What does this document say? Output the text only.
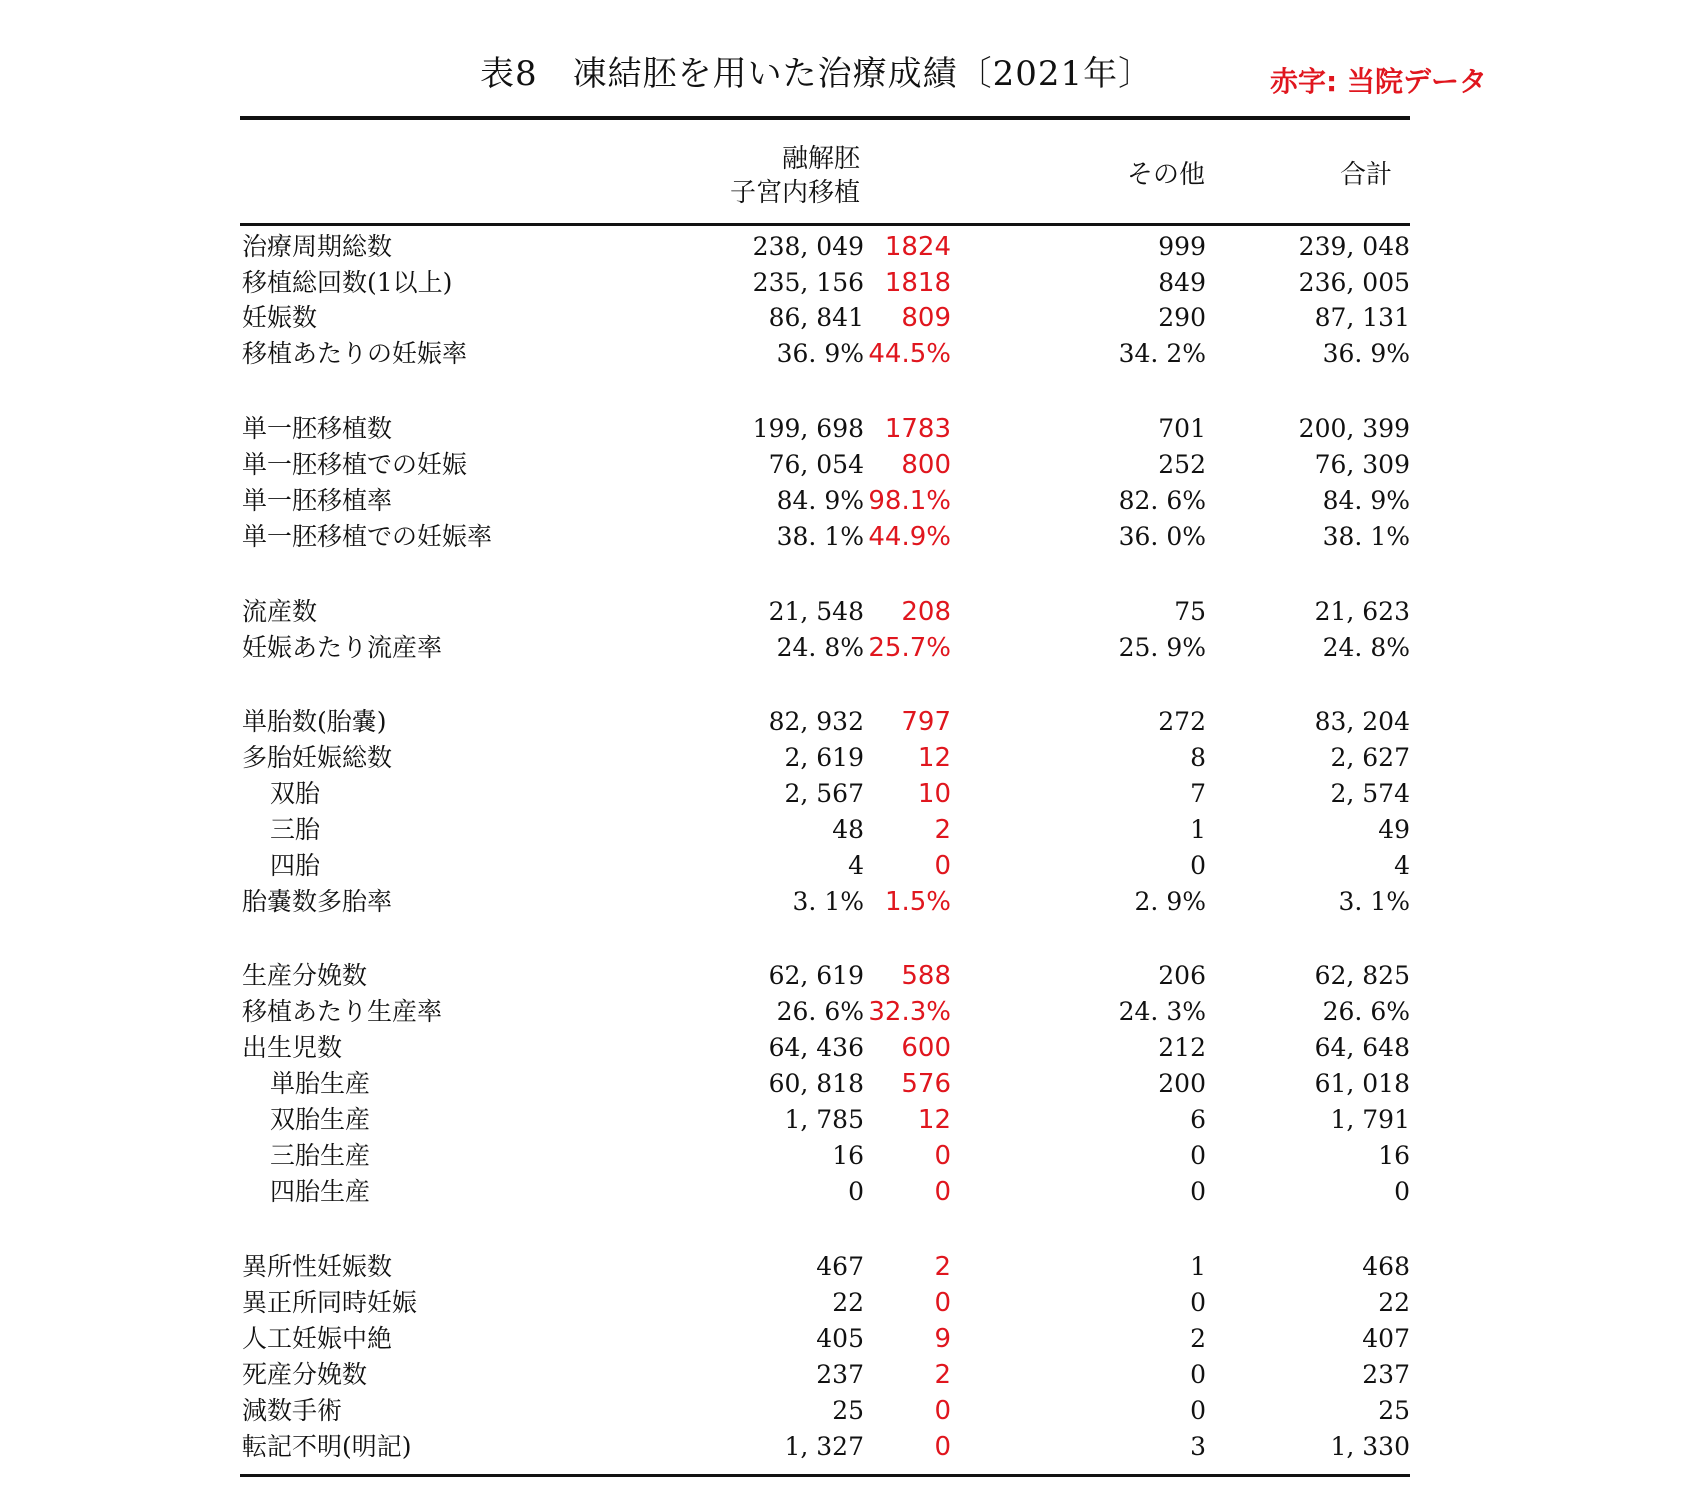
表8　凍結胚を用いた治療成績〔2021年〕	赤字: 当院データ
融解胚
子宮内移植
その他	合計
治療周期総数	238, 049 1824	999	239, 048
移植総回数(1以上)	235, 156 1818	849	236, 005
妊娠数	86, 841 809	290	87, 131
移植あたりの妊娠率	36. 9% 44.5%	34. 2%	36. 9%
単一胚移植数	199, 698 1783	701	200, 399
単一胚移植での妊娠	76, 054 800	252	76, 309
単一胚移植率	84. 9% 98.1%	82. 6%	84. 9%
単一胚移植での妊娠率	38. 1% 44.9%	36. 0%	38. 1%
流産数	21, 548 208	75	21, 623
妊娠あたり流産率	24. 8% 25.7%	25. 9%	24. 8%
単胎数(胎嚢)	82, 932 797	272	83, 204
多胎妊娠総数	2, 619 12	8	2, 627
双胎	2, 567 10	7	2, 574
三胎	48	2	1	49
四胎	4	0	0	4
胎嚢数多胎率	3. 1% 1.5%	2. 9%	3. 1%
生産分娩数	62, 619 588	206	62, 825
移植あたり生産率	26. 6% 32.3%	24. 3%	26. 6%
出生児数	64, 436 600	212	64, 648
単胎生産	60, 818 576	200	61, 018
双胎生産	1, 785 12	6	1, 791
三胎生産	16	0	0	16
四胎生産	0	0	0	0
異所性妊娠数	467	2	1	468
異正所同時妊娠	22	0	0	22
人工妊娠中絶	405	9	2	407
死産分娩数	237	2	0	237
減数手術	25	0	0	25
転記不明(明記)	1, 327	0	3	1, 330
